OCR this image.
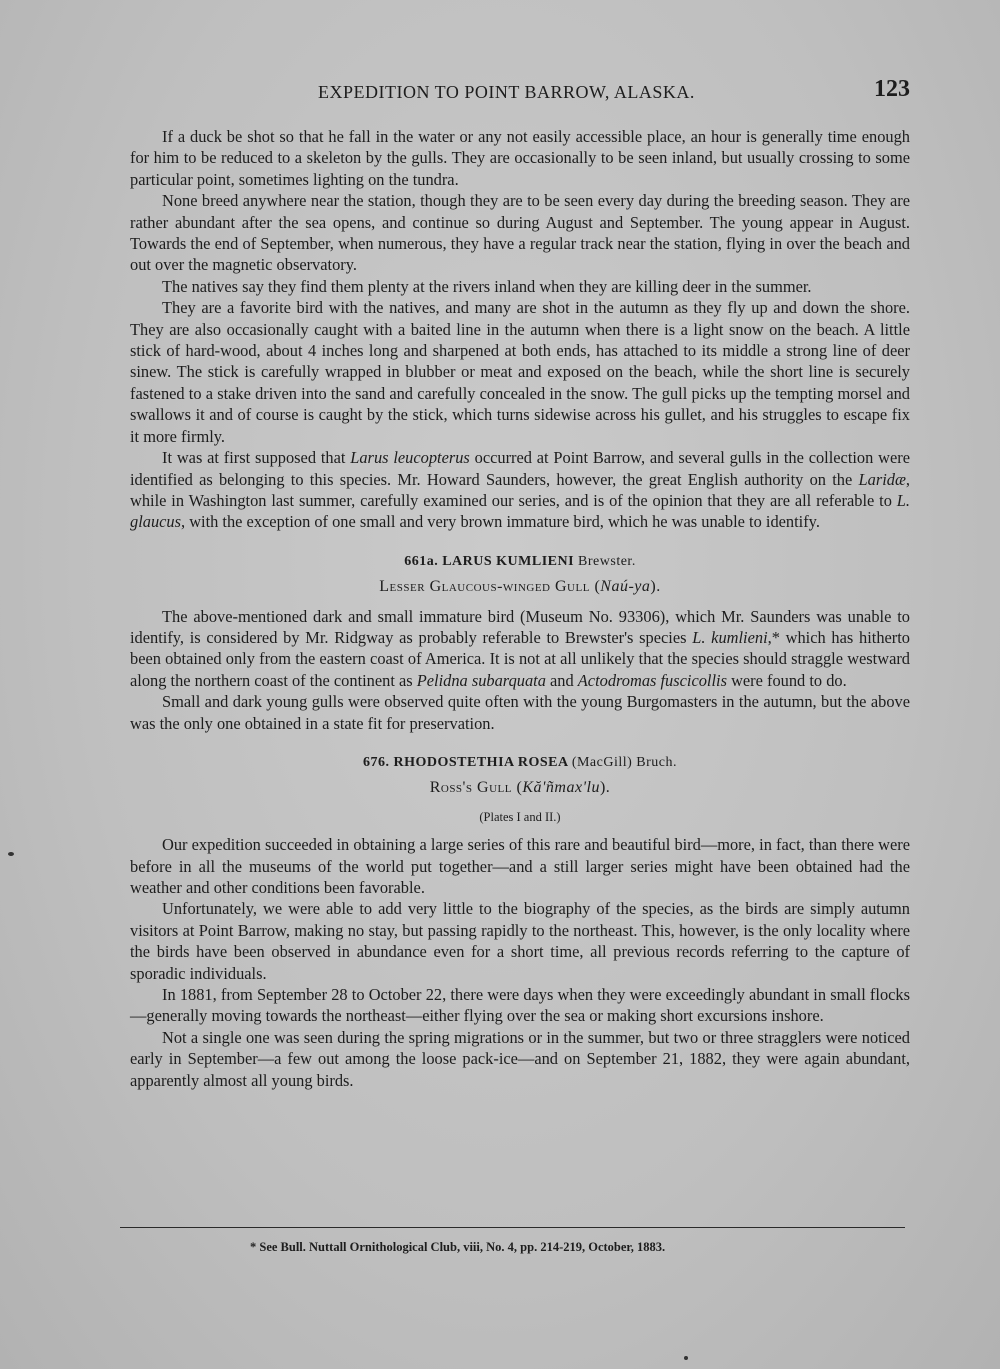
EXPEDITION TO POINT BARROW, ALASKA.	123

If a duck be shot so that he fall in the water or any not easily accessible place, an hour is generally time enough for him to be reduced to a skeleton by the gulls. They are occasionally to be seen inland, but usually crossing to some particular point, sometimes lighting on the tundra.

None breed anywhere near the station, though they are to be seen every day during the breeding season. They are rather abundant after the sea opens, and continue so during August and September. The young appear in August. Towards the end of September, when numerous, they have a regular track near the station, flying in over the beach and out over the magnetic observatory.

The natives say they find them plenty at the rivers inland when they are killing deer in the summer.

They are a favorite bird with the natives, and many are shot in the autumn as they fly up and down the shore. They are also occasionally caught with a baited line in the autumn when there is a light snow on the beach. A little stick of hard-wood, about 4 inches long and sharpened at both ends, has attached to its middle a strong line of deer sinew. The stick is carefully wrapped in blubber or meat and exposed on the beach, while the short line is securely fastened to a stake driven into the sand and carefully concealed in the snow. The gull picks up the tempting morsel and swallows it and of course is caught by the stick, which turns sidewise across his gullet, and his struggles to escape fix it more firmly.

It was at first supposed that Larus leucopterus occurred at Point Barrow, and several gulls in the collection were identified as belonging to this species. Mr. Howard Saunders, however, the great English authority on the Laridæ, while in Washington last summer, carefully examined our series, and is of the opinion that they are all referable to L. glaucus, with the exception of one small and very brown immature bird, which he was unable to identify.

661a. LARUS KUMLIENI Brewster.
Lesser Glaucous-winged Gull (Naú-ya).

The above-mentioned dark and small immature bird (Museum No. 93306), which Mr. Saunders was unable to identify, is considered by Mr. Ridgway as probably referable to Brewster's species L. kumlieni,* which has hitherto been obtained only from the eastern coast of America. It is not at all unlikely that the species should straggle westward along the northern coast of the continent as Pelidna subarquata and Actodromas fuscicollis were found to do.

Small and dark young gulls were observed quite often with the young Burgomasters in the autumn, but the above was the only one obtained in a state fit for preservation.

676. RHODOSTETHIA ROSEA (MacGill) Bruch.
Ross's Gull (Kă'ñmax'lu).
(Plates I and II.)

Our expedition succeeded in obtaining a large series of this rare and beautiful bird—more, in fact, than there were before in all the museums of the world put together—and a still larger series might have been obtained had the weather and other conditions been favorable.

Unfortunately, we were able to add very little to the biography of the species, as the birds are simply autumn visitors at Point Barrow, making no stay, but passing rapidly to the northeast. This, however, is the only locality where the birds have been observed in abundance even for a short time, all previous records referring to the capture of sporadic individuals.

In 1881, from September 28 to October 22, there were days when they were exceedingly abundant in small flocks—generally moving towards the northeast—either flying over the sea or making short excursions inshore.

Not a single one was seen during the spring migrations or in the summer, but two or three stragglers were noticed early in September—a few out among the loose pack-ice—and on September 21, 1882, they were again abundant, apparently almost all young birds.

* See Bull. Nuttall Ornithological Club, viii, No. 4, pp. 214-219, October, 1883.
